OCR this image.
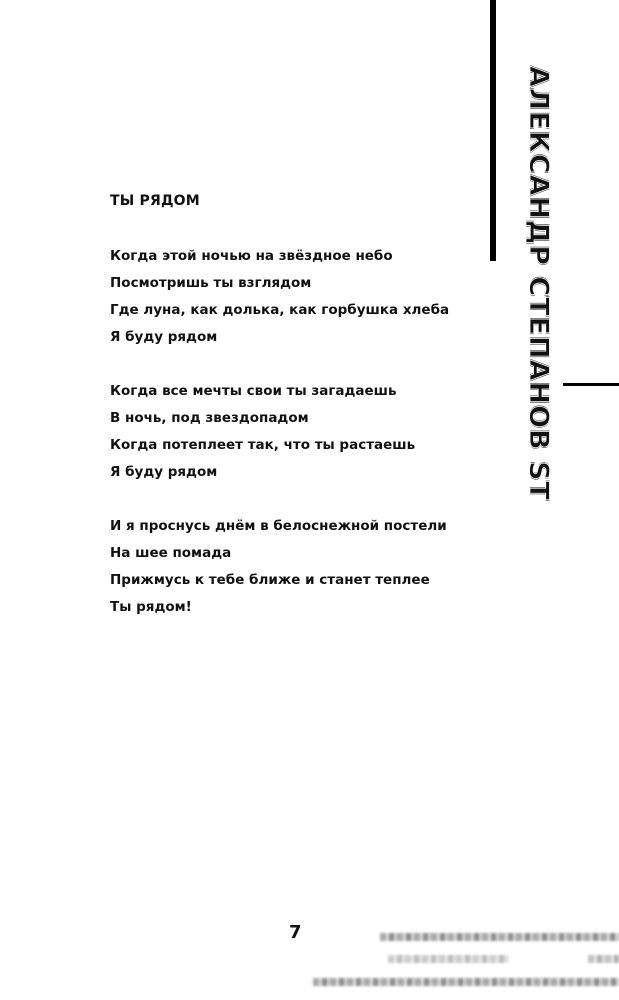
АЛЕКСАНДР СТЕПАНОВ ST
ТЫ РЯДОМ
Когда этой ночью на звёздное небо
Посмотришь ты взглядом
Где луна, как долька, как горбушка хлеба
Я буду рядом
Когда все мечты свои ты загадаешь
В ночь, под звездопадом
Когда потеплеет так, что ты растаешь
Я буду рядом
И я проснусь днём в белоснежной постели
На шее помада
Прижмусь к тебе ближе и станет теплее
Ты рядом!
7
